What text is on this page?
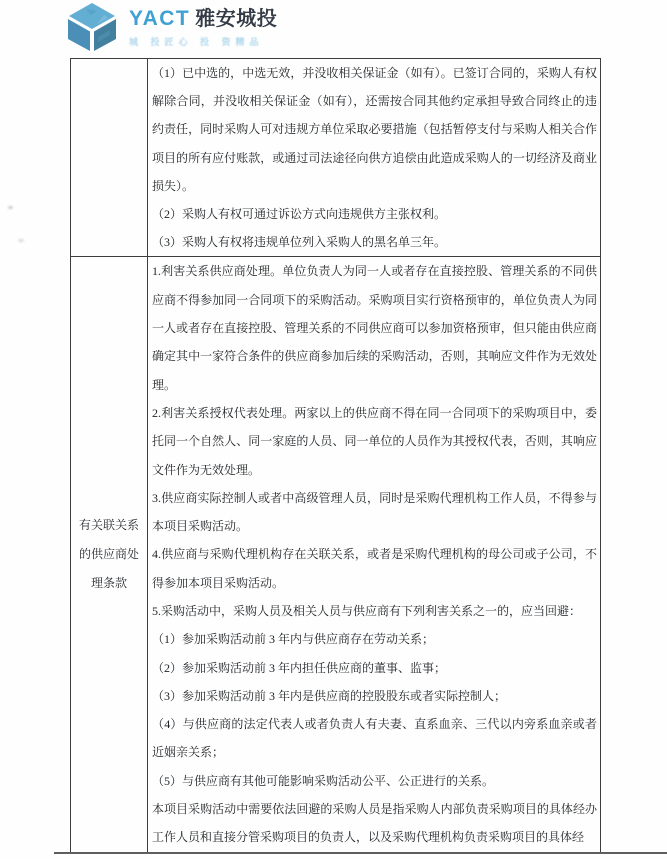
YACT 雅安城投
城 投匠心 投 资精品

（1）已中选的，中选无效，并没收相关保证金（如有）。已签订合同的，采购人有权解除合同，并没收相关保证金（如有），还需按合同其他约定承担导致合同终止的违约责任，同时采购人可对违规方单位采取必要措施（包括暂停支付与采购人相关合作项目的所有应付账款，或通过司法途径向供方追偿由此造成采购人的一切经济及商业损失）。

（2）采购人有权可通过诉讼方式向违规供方主张权利。

（3）采购人有权将违规单位列入采购人的黑名单三年。

有关联关系
的供应商处
理条款

1.利害关系供应商处理。单位负责人为同一人或者存在直接控股、管理关系的不同供应商不得参加同一合同项下的采购活动。采购项目实行资格预审的，单位负责人为同一人或者存在直接控股、管理关系的不同供应商可以参加资格预审，但只能由供应商确定其中一家符合条件的供应商参加后续的采购活动，否则，其响应文件作为无效处理。

2.利害关系授权代表处理。两家以上的供应商不得在同一合同项下的采购项目中，委托同一个自然人、同一家庭的人员、同一单位的人员作为其授权代表，否则，其响应文件作为无效处理。

3.供应商实际控制人或者中高级管理人员，同时是采购代理机构工作人员，不得参与本项目采购活动。

4.供应商与采购代理机构存在关联关系，或者是采购代理机构的母公司或子公司，不得参加本项目采购活动。

5.采购活动中，采购人员及相关人员与供应商有下列利害关系之一的，应当回避：

（1）参加采购活动前 3 年内与供应商存在劳动关系；

（2）参加采购活动前 3 年内担任供应商的董事、监事；

（3）参加采购活动前 3 年内是供应商的控股股东或者实际控制人；

（4）与供应商的法定代表人或者负责人有夫妻、直系血亲、三代以内旁系血亲或者近姻亲关系；

（5）与供应商有其他可能影响采购活动公平、公正进行的关系。

本项目采购活动中需要依法回避的采购人员是指采购人内部负责采购项目的具体经办工作人员和直接分管采购项目的负责人，以及采购代理机构负责采购项目的具体经
